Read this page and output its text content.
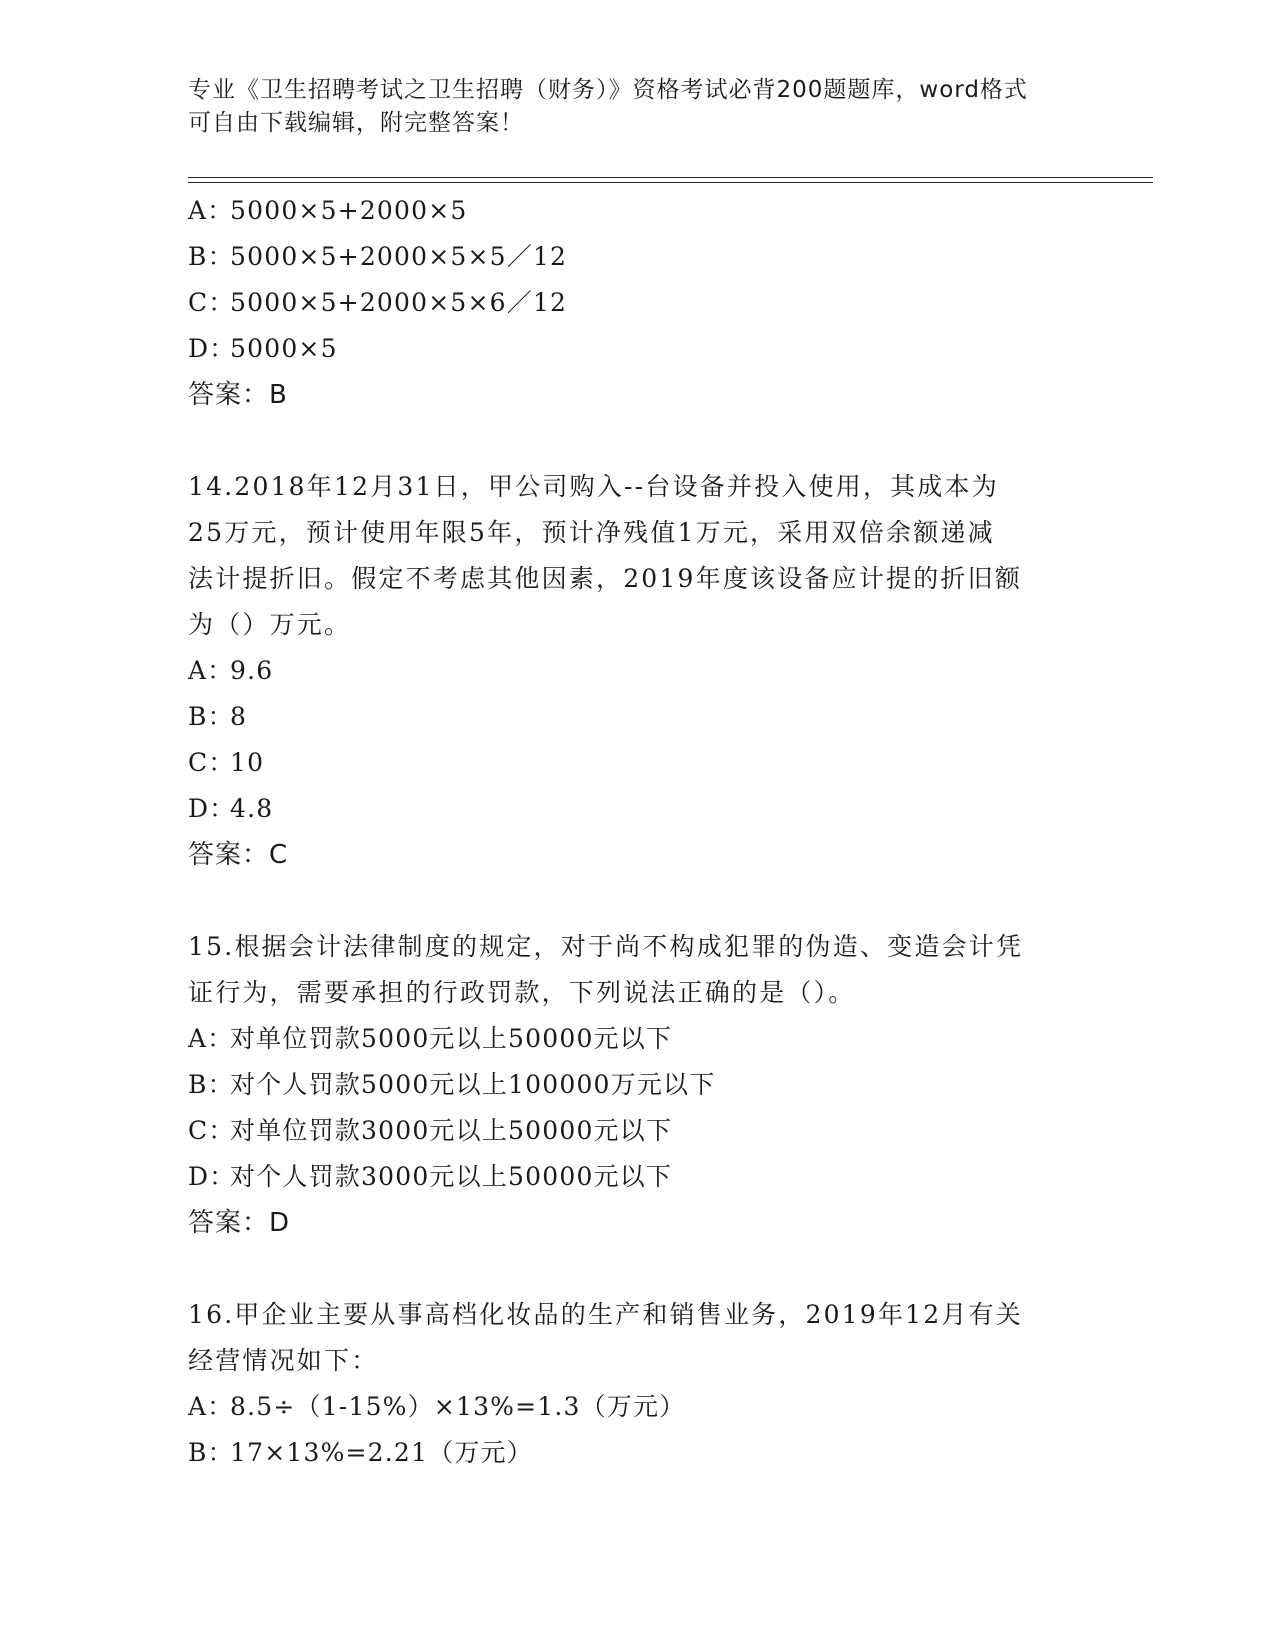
专业《卫生招聘考试之卫生招聘（财务）》资格考试必背200题题库，word格式
可自由下载编辑，附完整答案！
A：5000×5+2000×5
B：5000×5+2000×5×5／12
C：5000×5+2000×5×6／12
D：5000×5
答案：B
14.2018年12月31日，甲公司购入--台设备并投入使用，其成本为
25万元，预计使用年限5年，预计净残值1万元，采用双倍余额递减
法计提折旧。假定不考虑其他因素，2019年度该设备应计提的折旧额
为（）万元。
A：9.6
B：8
C：10
D：4.8
答案：C
15.根据会计法律制度的规定，对于尚不构成犯罪的伪造、变造会计凭
证行为，需要承担的行政罚款，下列说法正确的是（）。
A：对单位罚款5000元以上50000元以下
B：对个人罚款5000元以上100000万元以下
C：对单位罚款3000元以上50000元以下
D：对个人罚款3000元以上50000元以下
答案：D
16.甲企业主要从事高档化妆品的生产和销售业务，2019年12月有关
经营情况如下：
A：8.5÷（1-15%）×13%=1.3（万元）
B：17×13%=2.21（万元）
